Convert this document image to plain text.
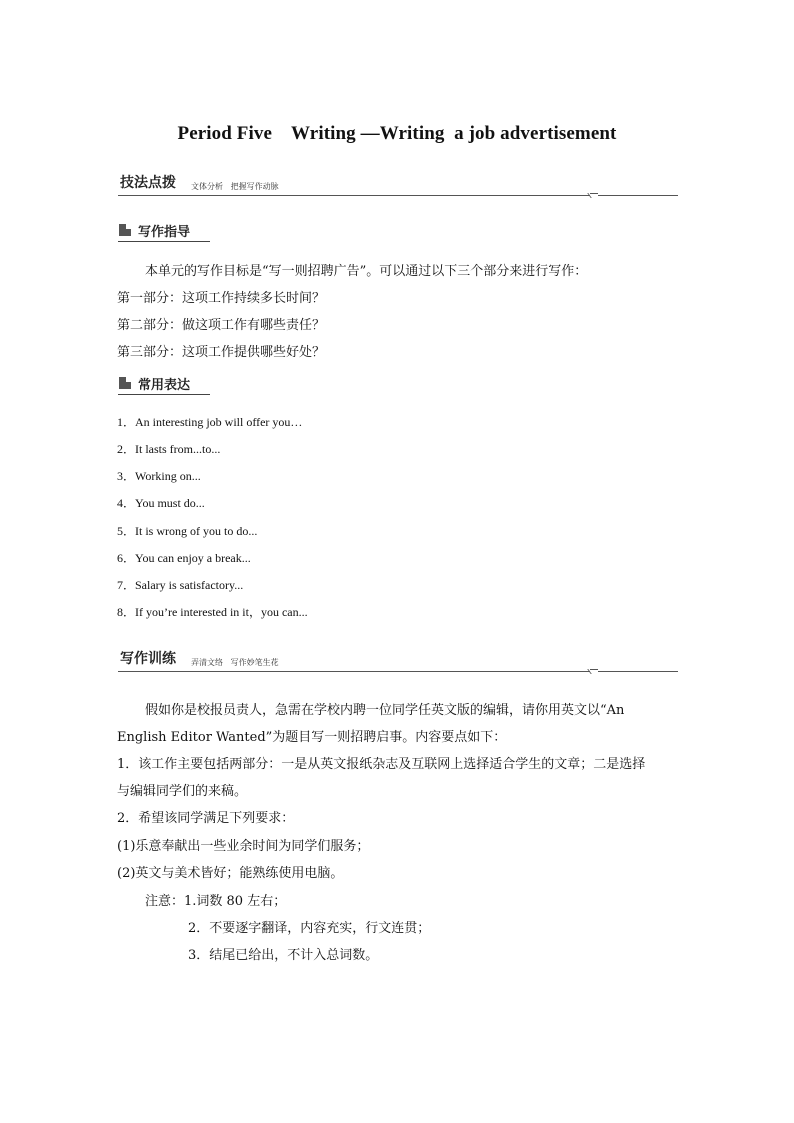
Period Five    Writing —Writing  a job advertisement
技法点拨 文体分析   把握写作动脉
写作指导
本单元的写作目标是“写一则招聘广告”。可以通过以下三个部分来进行写作：
第一部分：这项工作持续多长时间？
第二部分：做这项工作有哪些责任？
第三部分：这项工作提供哪些好处？
常用表达
1．An interesting job will offer you…
2．It lasts from...to...
3．Working on...
4．You must do...
5．It is wrong of you to do...
6．You can enjoy a break...
7．Salary is satisfactory...
8．If you’re interested in it，you can...
写作训练 弄清文络   写作妙笔生花
假如你是校报员责人，急需在学校内聘一位同学任英文版的编辑，请你用英文以“An
English Editor Wanted”为题目写一则招聘启事。内容要点如下：
1．该工作主要包括两部分：一是从英文报纸杂志及互联网上选择适合学生的文章；二是选择
与编辑同学们的来稿。
2．希望该同学满足下列要求：
(1)乐意奉献出一些业余时间为同学们服务；
(2)英文与美术皆好；能熟练使用电脑。
注意：1.词数 80 左右；
2．不要逐字翻译，内容充实，行文连贯；
3．结尾已给出，不计入总词数。
